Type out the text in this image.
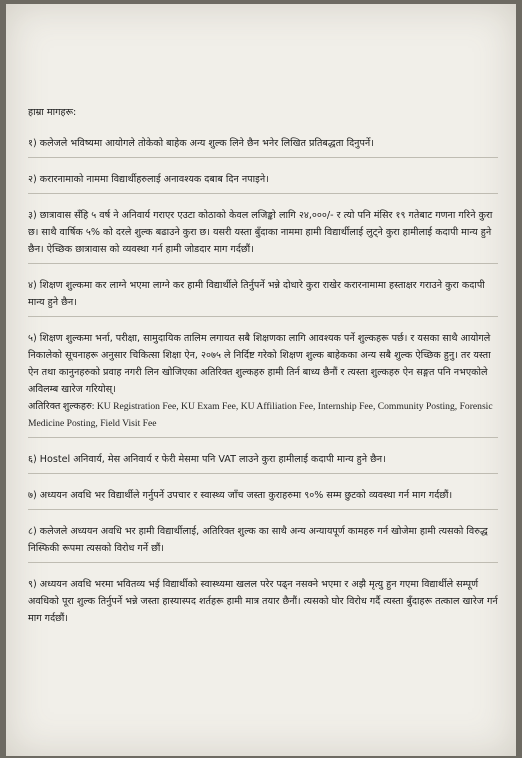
हाम्रा मागहरू:

१) कलेजले भविष्यमा आयोगले तोकेको बाहेक अन्य शुल्क लिने छैन भनेर लिखित प्रतिबद्धता दिनुपर्ने।

२) करारनामाको नाममा विद्यार्थीहरुलाई अनावश्यक दबाब दिन नपाइने।

३) छात्रावास सँहि ५ वर्ष ने अनिवार्य गराएर एउटा कोठाको केवल लजिङ्को लागि २४,०००/- र त्यो पनि मंसिर १९ गतेबाट गणना गरिने कुरा छ। साथै वार्षिक ५% को दरले शुल्क बढाउने कुरा छ। यसरी यस्ता बुँदाका नाममा हामी विद्यार्थीलाई लुट्ने कुरा हामीलाई कदापी मान्य हुने छैन। ऐच्छिक छात्रावास को व्यवस्था गर्न हामी जोडदार माग गर्दछौं।

४) शिक्षण शुल्कमा कर लाग्ने भएमा लाग्ने कर हामी विद्यार्थीले तिर्नुपर्ने भन्ने दोधारे कुरा राखेर करारनामामा हस्ताक्षर गराउने कुरा कदापी मान्य हुने छैन।

५) शिक्षण शुल्कमा भर्ना, परीक्षा, सामुदायिक तालिम लगायत सबै शिक्षणका लागि आवश्यक पर्ने शुल्कहरू पर्छ। र यसका साथै आयोगले निकालेको सूचनाहरू अनुसार चिकित्सा शिक्षा ऐन, २०७५ ले निर्दिष्ट गरेको शिक्षण शुल्क बाहेकका अन्य सबै शुल्क ऐच्छिक हुनु। तर यस्ता ऐन तथा कानुनहरुको प्रवाह नगरी लिन खोजिएका अतिरिक्त शुल्कहरु हामी तिर्न बाध्य छैनौं र त्यस्ता शुल्कहरु ऐन सङ्गत पनि नभएकोले अविलम्ब खारेज गरियोस्।

अतिरिक्त शुल्कहरु: KU Registration Fee, KU Exam Fee, KU Affiliation Fee, Internship Fee, Community Posting, Forensic Medicine Posting, Field Visit Fee

६) Hostel अनिवार्य, मेस अनिवार्य र फेरी मेसमा पनि VAT लाउने कुरा हामीलाई कदापी मान्य हुने छैन।

७) अध्ययन अवधि भर विद्यार्थीले गर्नुपर्ने उपचार र स्वास्थ्य जाँच जस्ता कुराहरुमा ९०% सम्म छुटको व्यवस्था गर्न माग गर्दछौं।

८) कलेजले अध्ययन अवधि भर हामी विद्यार्थीलाई, अतिरिक्त शुल्क का साथै अन्य अन्यायपूर्ण कामहरु गर्न खोजेमा हामी त्यसको विरुद्ध निस्फिकी रूपमा त्यसको विरोध गर्ने छौं।

९) अध्ययन अवधि भरमा भवितव्य भई विद्यार्थीको स्वास्थ्यमा खलल परेर पढ्न नसक्ने भएमा र अझै मृत्यु हुन गएमा विद्यार्थीले सम्पूर्ण अवधिको पूरा शुल्क तिर्नुपर्ने भन्ने जस्ता हास्यास्पद शर्तहरू हामी मात्र तयार छैनौं। त्यसको घोर विरोध गर्दै त्यस्ता बुँदाहरू तत्काल खारेज गर्न माग गर्दछौं।
